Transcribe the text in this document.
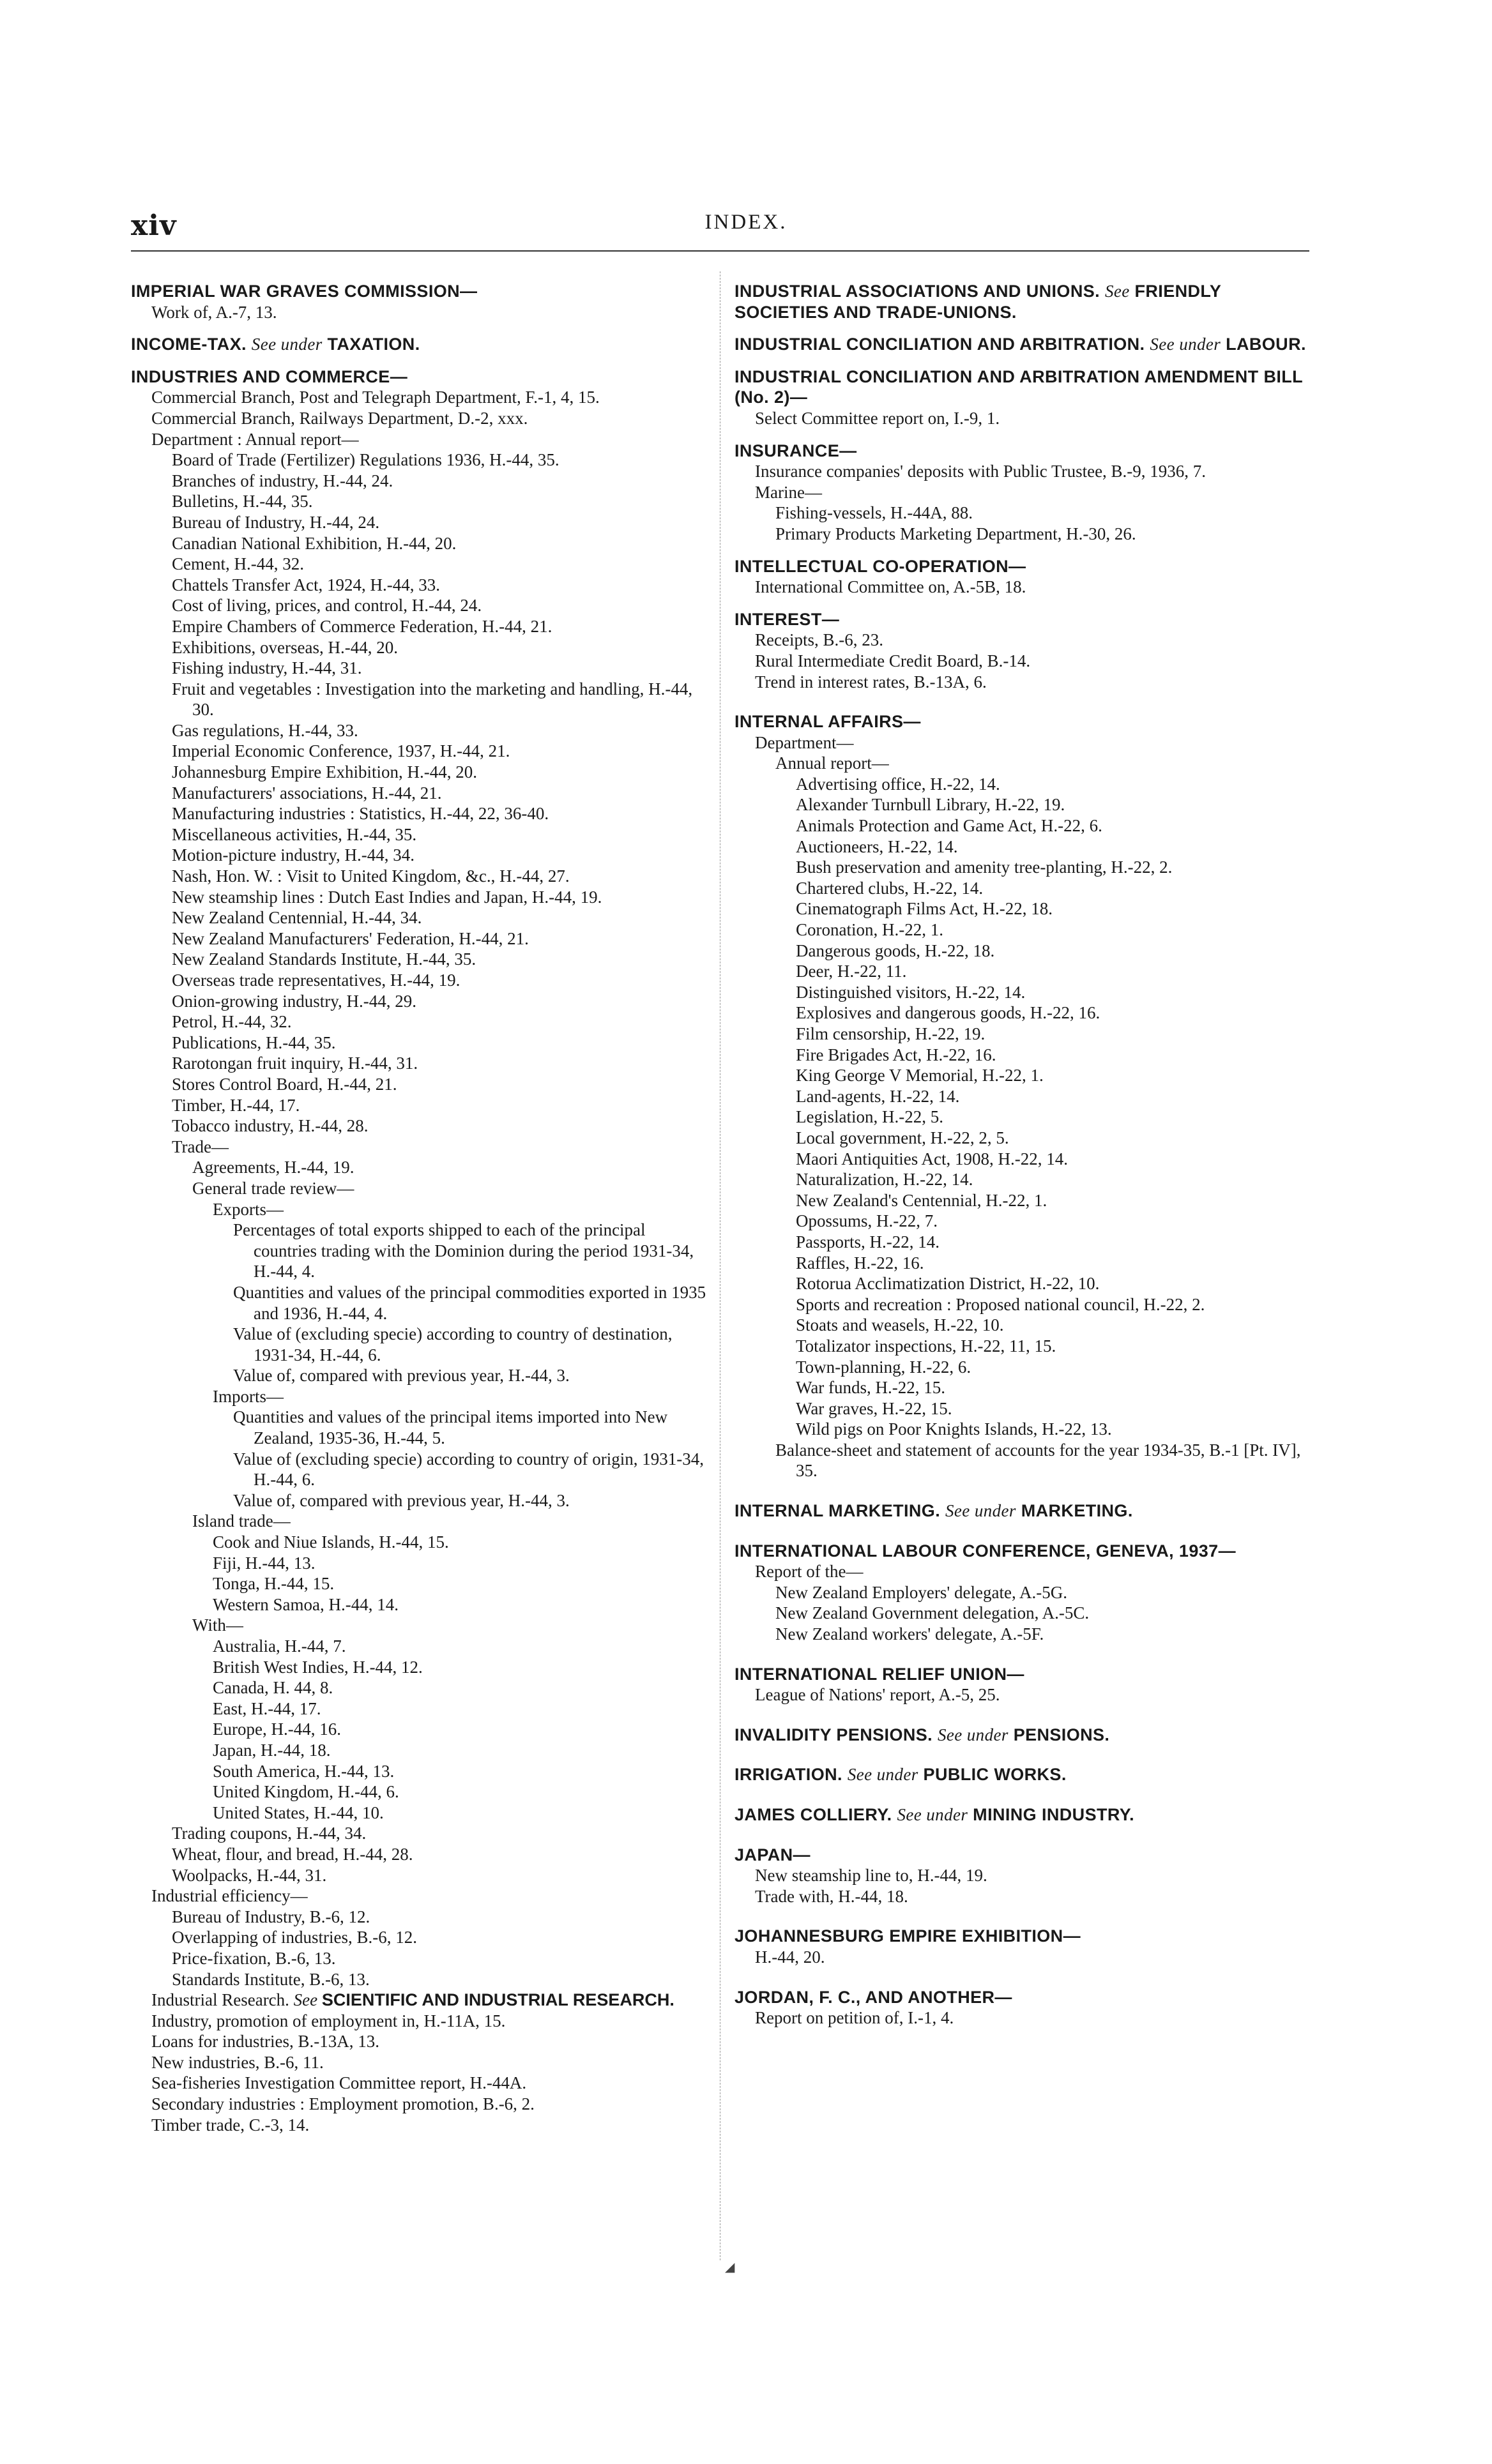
xiv	INDEX.

IMPERIAL WAR GRAVES COMMISSION—

Work of, A.-7, 13.

INCOME-TAX. See under TAXATION.

INDUSTRIES AND COMMERCE—

Commercial Branch, Post and Telegraph Department, F.-1, 4, 15.

Commercial Branch, Railways Department, D.-2, xxx.

Department : Annual report—

Board of Trade (Fertilizer) Regulations 1936, H.-44, 35.

Branches of industry, H.-44, 24.

Bulletins, H.-44, 35.

Bureau of Industry, H.-44, 24.

Canadian National Exhibition, H.-44, 20.

Cement, H.-44, 32.

Chattels Transfer Act, 1924, H.-44, 33.

Cost of living, prices, and control, H.-44, 24.

Empire Chambers of Commerce Federation, H.-44, 21.

Exhibitions, overseas, H.-44, 20.

Fishing industry, H.-44, 31.

Fruit and vegetables : Investigation into the marketing and handling, H.-44, 30.

Gas regulations, H.-44, 33.

Imperial Economic Conference, 1937, H.-44, 21.

Johannesburg Empire Exhibition, H.-44, 20.

Manufacturers' associations, H.-44, 21.

Manufacturing industries : Statistics, H.-44, 22, 36-40.

Miscellaneous activities, H.-44, 35.

Motion-picture industry, H.-44, 34.

Nash, Hon. W. : Visit to United Kingdom, &c., H.-44, 27.

New steamship lines : Dutch East Indies and Japan, H.-44, 19.

New Zealand Centennial, H.-44, 34.

New Zealand Manufacturers' Federation, H.-44, 21.

New Zealand Standards Institute, H.-44, 35.

Overseas trade representatives, H.-44, 19.

Onion-growing industry, H.-44, 29.

Petrol, H.-44, 32.

Publications, H.-44, 35.

Rarotongan fruit inquiry, H.-44, 31.

Stores Control Board, H.-44, 21.

Timber, H.-44, 17.

Tobacco industry, H.-44, 28.

Trade—

Agreements, H.-44, 19.

General trade review—

Exports—

Percentages of total exports shipped to each of the principal countries trading with the Dominion during the period 1931-34, H.-44, 4.

Quantities and values of the principal commodities exported in 1935 and 1936, H.-44, 4.

Value of (excluding specie) according to country of destination, 1931-34, H.-44, 6.

Value of, compared with previous year, H.-44, 3.

Imports—

Quantities and values of the principal items imported into New Zealand, 1935-36, H.-44, 5.

Value of (excluding specie) according to country of origin, 1931-34, H.-44, 6.

Value of, compared with previous year, H.-44, 3.

Island trade—

Cook and Niue Islands, H.-44, 15.

Fiji, H.-44, 13.

Tonga, H.-44, 15.

Western Samoa, H.-44, 14.

With—

Australia, H.-44, 7.

British West Indies, H.-44, 12.

Canada, H. 44, 8.

East, H.-44, 17.

Europe, H.-44, 16.

Japan, H.-44, 18.

South America, H.-44, 13.

United Kingdom, H.-44, 6.

United States, H.-44, 10.

Trading coupons, H.-44, 34.

Wheat, flour, and bread, H.-44, 28.

Woolpacks, H.-44, 31.

Industrial efficiency—

Bureau of Industry, B.-6, 12.

Overlapping of industries, B.-6, 12.

Price-fixation, B.-6, 13.

Standards Institute, B.-6, 13.

Industrial Research. See SCIENTIFIC AND INDUSTRIAL RESEARCH.

Industry, promotion of employment in, H.-11A, 15.

Loans for industries, B.-13A, 13.

New industries, B.-6, 11.

Sea-fisheries Investigation Committee report, H.-44A.

Secondary industries : Employment promotion, B.-6, 2.

Timber trade, C.-3, 14.

INDUSTRIAL ASSOCIATIONS AND UNIONS. See FRIENDLY SOCIETIES AND TRADE-UNIONS.

INDUSTRIAL CONCILIATION AND ARBITRATION. See under LABOUR.

INDUSTRIAL CONCILIATION AND ARBITRATION AMENDMENT BILL (No. 2)—

Select Committee report on, I.-9, 1.

INSURANCE—

Insurance companies' deposits with Public Trustee, B.-9, 1936, 7.

Marine—

Fishing-vessels, H.-44A, 88.

Primary Products Marketing Department, H.-30, 26.

INTELLECTUAL CO-OPERATION—

International Committee on, A.-5B, 18.

INTEREST—

Receipts, B.-6, 23.

Rural Intermediate Credit Board, B.-14.

Trend in interest rates, B.-13A, 6.

INTERNAL AFFAIRS—

Department—

Annual report—

Advertising office, H.-22, 14.

Alexander Turnbull Library, H.-22, 19.

Animals Protection and Game Act, H.-22, 6.

Auctioneers, H.-22, 14.

Bush preservation and amenity tree-planting, H.-22, 2.

Chartered clubs, H.-22, 14.

Cinematograph Films Act, H.-22, 18.

Coronation, H.-22, 1.

Dangerous goods, H.-22, 18.

Deer, H.-22, 11.

Distinguished visitors, H.-22, 14.

Explosives and dangerous goods, H.-22, 16.

Film censorship, H.-22, 19.

Fire Brigades Act, H.-22, 16.

King George V Memorial, H.-22, 1.

Land-agents, H.-22, 14.

Legislation, H.-22, 5.

Local government, H.-22, 2, 5.

Maori Antiquities Act, 1908, H.-22, 14.

Naturalization, H.-22, 14.

New Zealand's Centennial, H.-22, 1.

Opossums, H.-22, 7.

Passports, H.-22, 14.

Raffles, H.-22, 16.

Rotorua Acclimatization District, H.-22, 10.

Sports and recreation : Proposed national council, H.-22, 2.

Stoats and weasels, H.-22, 10.

Totalizator inspections, H.-22, 11, 15.

Town-planning, H.-22, 6.

War funds, H.-22, 15.

War graves, H.-22, 15.

Wild pigs on Poor Knights Islands, H.-22, 13.

Balance-sheet and statement of accounts for the year 1934-35, B.-1 [Pt. IV], 35.

INTERNAL MARKETING. See under MARKETING.

INTERNATIONAL LABOUR CONFERENCE, GENEVA, 1937—

Report of the—

New Zealand Employers' delegate, A.-5G.

New Zealand Government delegation, A.-5C.

New Zealand workers' delegate, A.-5F.

INTERNATIONAL RELIEF UNION—

League of Nations' report, A.-5, 25.

INVALIDITY PENSIONS. See under PENSIONS.

IRRIGATION. See under PUBLIC WORKS.

JAMES COLLIERY. See under MINING INDUSTRY.

JAPAN—

New steamship line to, H.-44, 19.

Trade with, H.-44, 18.

JOHANNESBURG EMPIRE EXHIBITION—

H.-44, 20.

JORDAN, F. C., AND ANOTHER—

Report on petition of, I.-1, 4.

◢
